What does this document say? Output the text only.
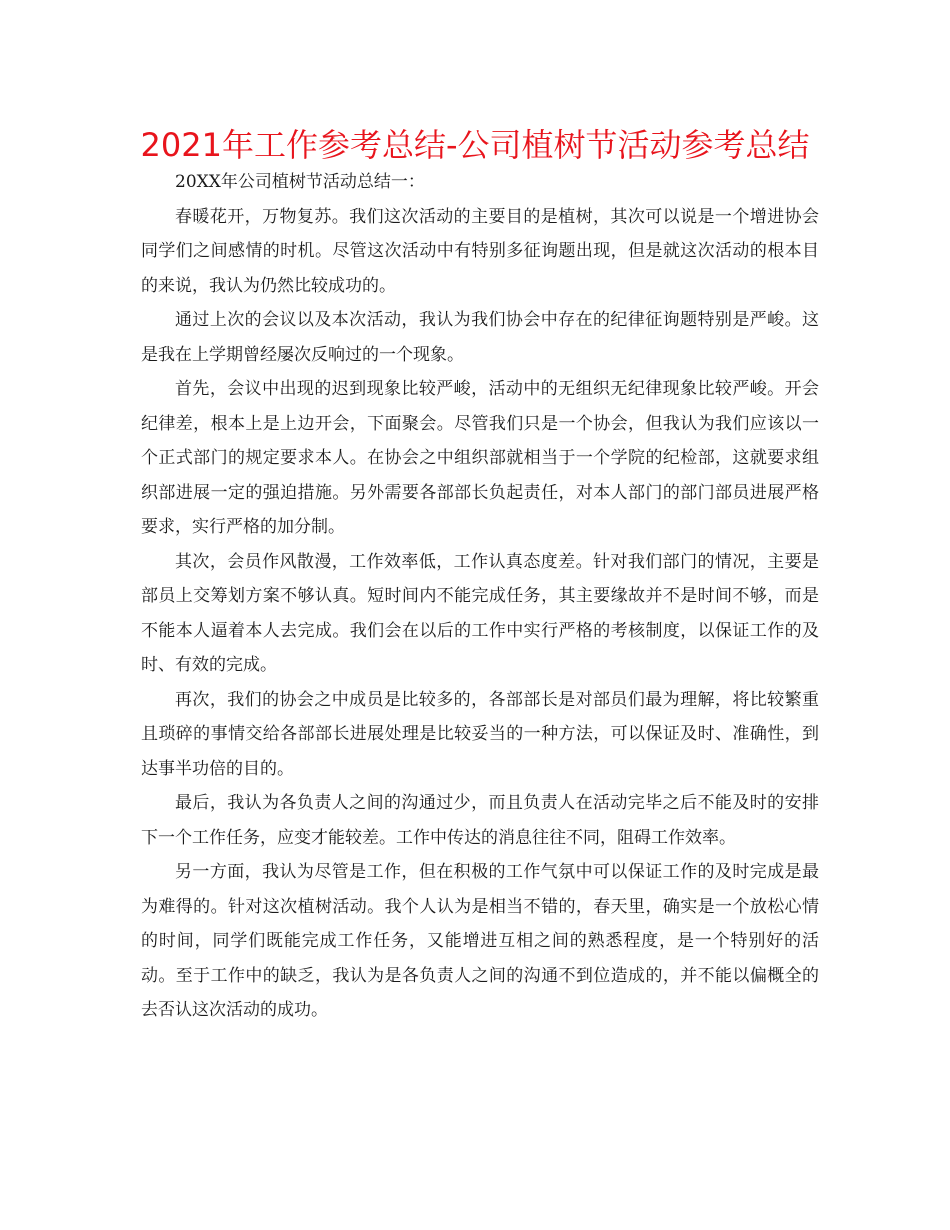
2021年工作参考总结-公司植树节活动参考总结

20XX年公司植树节活动总结一：

春暖花开，万物复苏。我们这次活动的主要目的是植树，其次可以说是一个增进协会同学们之间感情的时机。尽管这次活动中有特别多征询题出现，但是就这次活动的根本目的来说，我认为仍然比较成功的。

通过上次的会议以及本次活动，我认为我们协会中存在的纪律征询题特别是严峻。这是我在上学期曾经屡次反响过的一个现象。

首先，会议中出现的迟到现象比较严峻，活动中的无组织无纪律现象比较严峻。开会纪律差，根本上是上边开会，下面聚会。尽管我们只是一个协会，但我认为我们应该以一个正式部门的规定要求本人。在协会之中组织部就相当于一个学院的纪检部，这就要求组织部进展一定的强迫措施。另外需要各部部长负起责任，对本人部门的部门部员进展严格要求，实行严格的加分制。

其次，会员作风散漫，工作效率低，工作认真态度差。针对我们部门的情况，主要是部员上交筹划方案不够认真。短时间内不能完成任务，其主要缘故并不是时间不够，而是不能本人逼着本人去完成。我们会在以后的工作中实行严格的考核制度，以保证工作的及时、有效的完成。

再次，我们的协会之中成员是比较多的，各部部长是对部员们最为理解，将比较繁重且琐碎的事情交给各部部长进展处理是比较妥当的一种方法，可以保证及时、准确性，到达事半功倍的目的。

最后，我认为各负责人之间的沟通过少，而且负责人在活动完毕之后不能及时的安排下一个工作任务，应变才能较差。工作中传达的消息往往不同，阻碍工作效率。

另一方面，我认为尽管是工作，但在积极的工作气氛中可以保证工作的及时完成是最为难得的。针对这次植树活动。我个人认为是相当不错的，春天里，确实是一个放松心情的时间，同学们既能完成工作任务，又能增进互相之间的熟悉程度，是一个特别好的活动。至于工作中的缺乏，我认为是各负责人之间的沟通不到位造成的，并不能以偏概全的去否认这次活动的成功。
